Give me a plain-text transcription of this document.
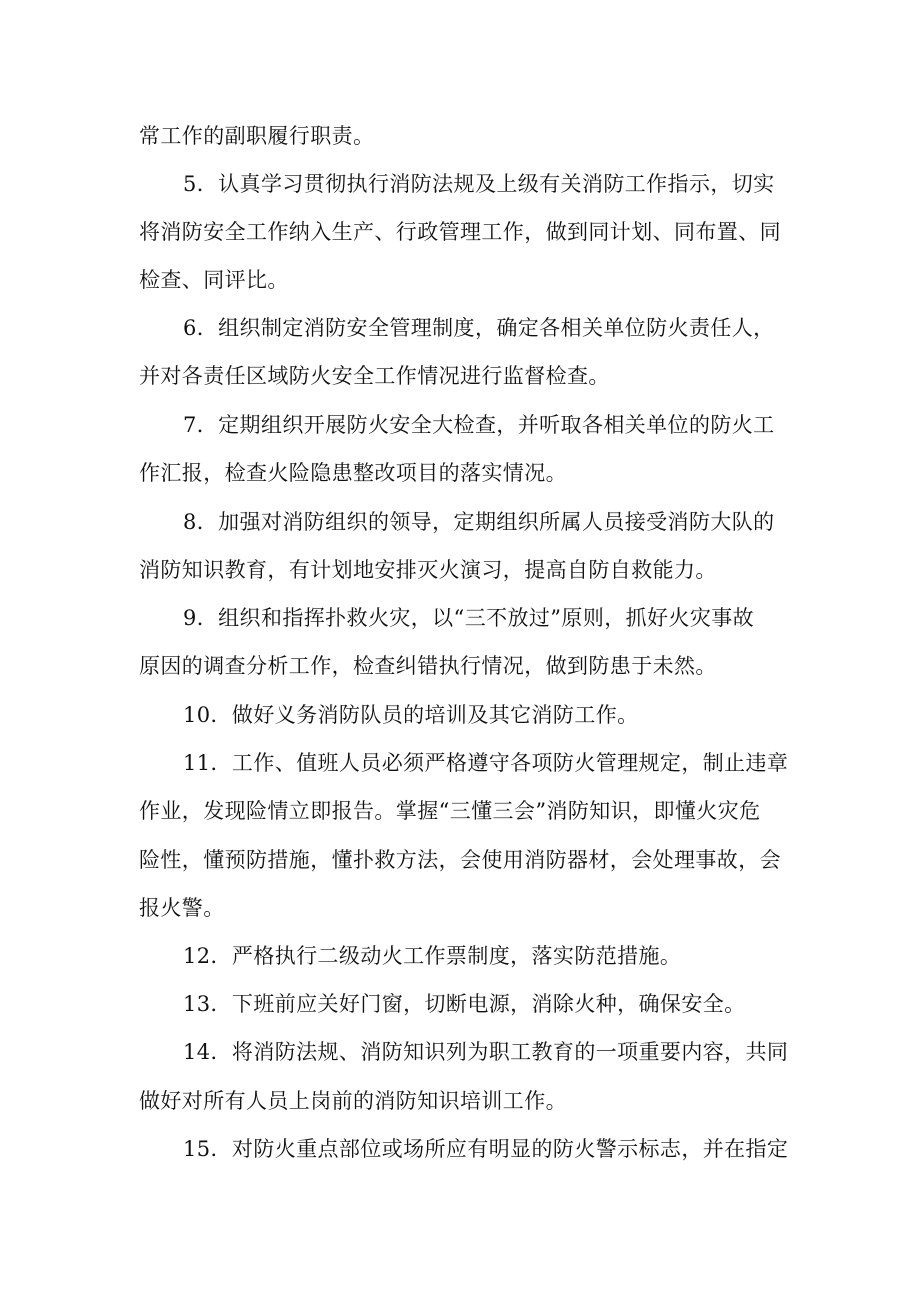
常工作的副职履行职责。
5．认真学习贯彻执行消防法规及上级有关消防工作指示，切实
将消防安全工作纳入生产、行政管理工作，做到同计划、同布置、同
检查、同评比。
6．组织制定消防安全管理制度，确定各相关单位防火责任人，
并对各责任区域防火安全工作情况进行监督检查。
7．定期组织开展防火安全大检查，并听取各相关单位的防火工
作汇报，检查火险隐患整改项目的落实情况。
8．加强对消防组织的领导，定期组织所属人员接受消防大队的
消防知识教育，有计划地安排灭火演习，提高自防自救能力。
9．组织和指挥扑救火灾，以“三不放过”原则，抓好火灾事故
原因的调查分析工作，检查纠错执行情况，做到防患于未然。
10．做好义务消防队员的培训及其它消防工作。
11．工作、值班人员必须严格遵守各项防火管理规定，制止违章
作业，发现险情立即报告。掌握“三懂三会”消防知识，即懂火灾危
险性，懂预防措施，懂扑救方法，会使用消防器材，会处理事故，会
报火警。
12．严格执行二级动火工作票制度，落实防范措施。
13．下班前应关好门窗，切断电源，消除火种，确保安全。
14．将消防法规、消防知识列为职工教育的一项重要内容，共同
做好对所有人员上岗前的消防知识培训工作。
15．对防火重点部位或场所应有明显的防火警示标志，并在指定
